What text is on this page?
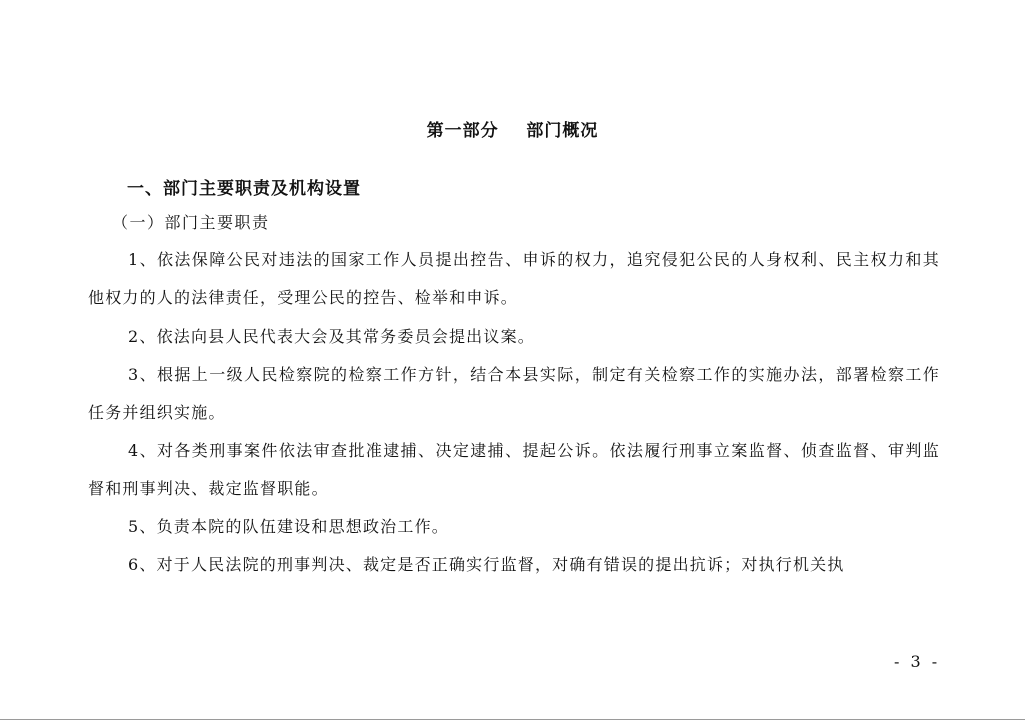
第一部分    部门概况
一、部门主要职责及机构设置
（一）部门主要职责

1、依法保障公民对违法的国家工作人员提出控告、申诉的权力，追究侵犯公民的人身权利、民主权力和其他权力的人的法律责任，受理公民的控告、检举和申诉。

2、依法向县人民代表大会及其常务委员会提出议案。

3、根据上一级人民检察院的检察工作方针，结合本县实际，制定有关检察工作的实施办法，部署检察工作任务并组织实施。

4、对各类刑事案件依法审查批准逮捕、决定逮捕、提起公诉。依法履行刑事立案监督、侦查监督、审判监督和刑事判决、裁定监督职能。

5、负责本院的队伍建设和思想政治工作。

6、对于人民法院的刑事判决、裁定是否正确实行监督，对确有错误的提出抗诉；对执行机关执

- 3 -
